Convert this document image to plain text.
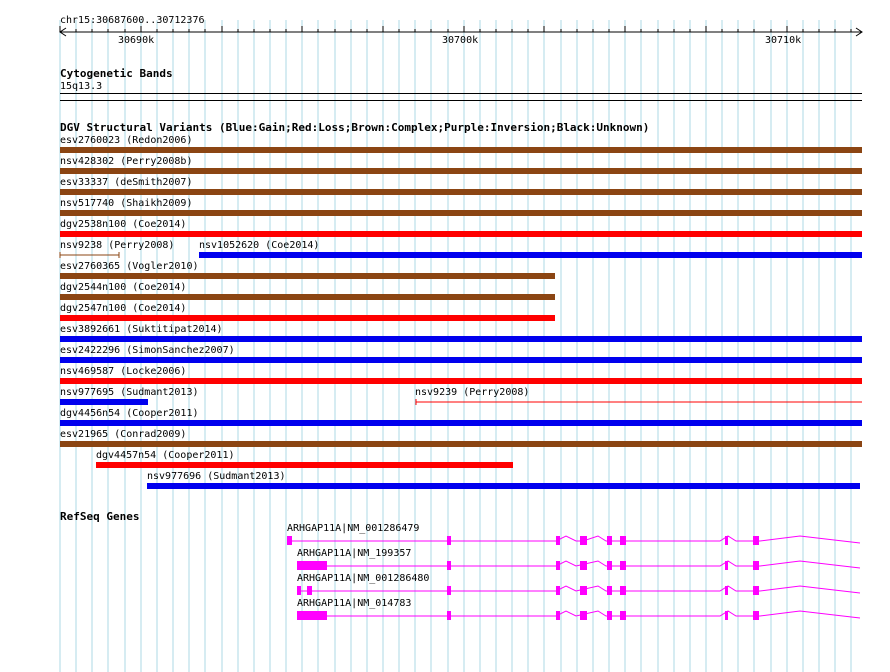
chr15:30687600..30712376
30690k	30700k	30710k
Cytogenetic Bands
15q13.3
DGV Structural Variants (Blue:Gain;Red:Loss;Brown:Complex;Purple:Inversion;Black:Unknown)
esv2760023 (Redon2006)
nsv428302 (Perry2008b)
esv33337 (deSmith2007)
nsv517740 (Shaikh2009)
dgv2538n100 (Coe2014)
nsv9238 (Perry2008) nsv1052620 (Coe2014)
esv2760365 (Vogler2010)
dgv2544n100 (Coe2014)
dgv2547n100 (Coe2014)
esv3892661 (Suktitipat2014)
esv2422296 (SimonSanchez2007)
nsv469587 (Locke2006)
nsv977695 (Sudmant2013)	nsv9239 (Perry2008)
dgv4456n54 (Cooper2011)
esv21965 (Conrad2009)
dgv4457n54 (Cooper2011)
nsv977696 (Sudmant2013)
RefSeq Genes
ARHGAP11A|NM_001286479
ARHGAP11A|NM_199357
ARHGAP11A|NM_001286480
ARHGAP11A|NM_014783
